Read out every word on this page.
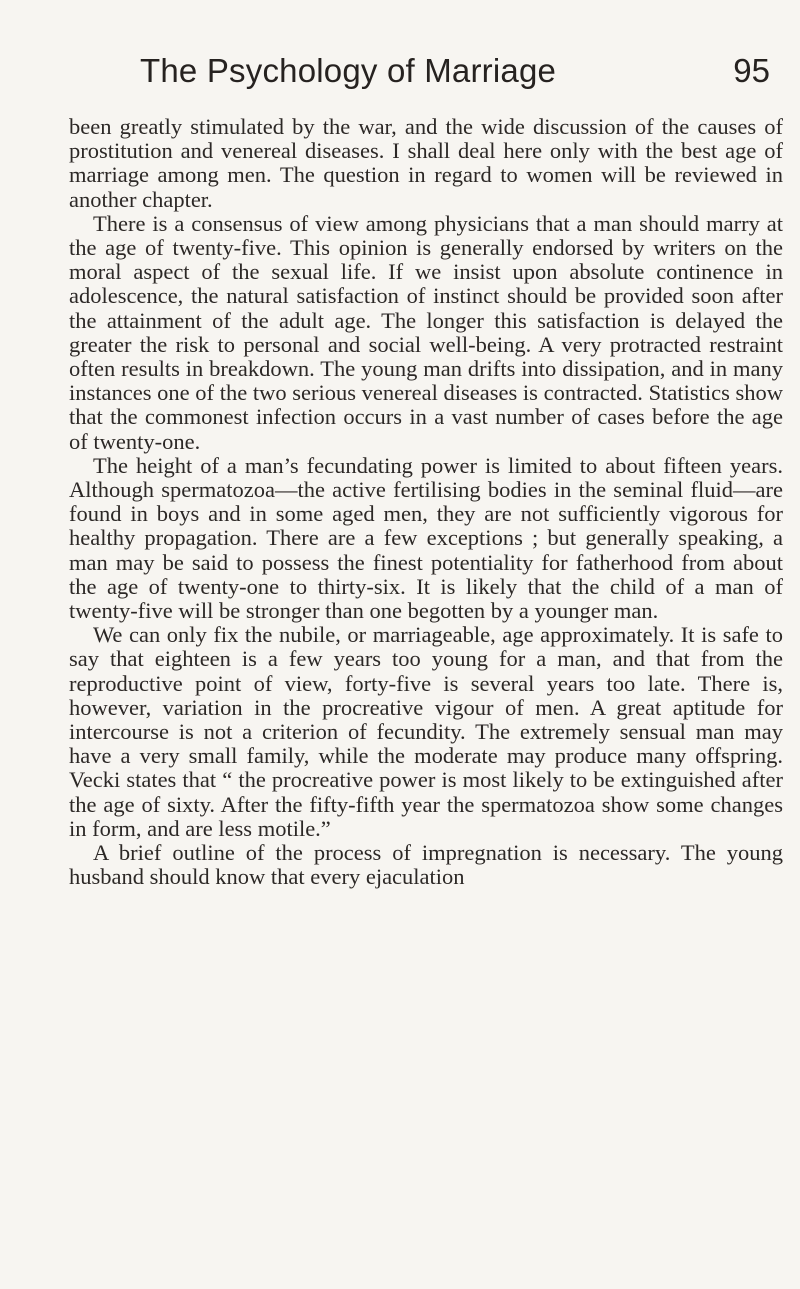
The Psychology of Marriage	95

been greatly stimulated by the war, and the wide discussion of the causes of prostitution and venereal diseases. I shall deal here only with the best age of marriage among men. The question in regard to women will be reviewed in another chapter.

There is a consensus of view among physicians that a man should marry at the age of twenty-five. This opinion is generally endorsed by writers on the moral aspect of the sexual life. If we insist upon absolute continence in adolescence, the natural satisfaction of instinct should be provided soon after the attainment of the adult age. The longer this satisfaction is delayed the greater the risk to personal and social well-being. A very protracted restraint often results in breakdown. The young man drifts into dissipation, and in many instances one of the two serious venereal diseases is contracted. Statistics show that the commonest infection occurs in a vast number of cases before the age of twenty-one.

The height of a man’s fecundating power is limited to about fifteen years. Although spermatozoa—the active fertilising bodies in the seminal fluid—are found in boys and in some aged men, they are not sufficiently vigorous for healthy propagation. There are a few exceptions ; but generally speaking, a man may be said to possess the finest potentiality for fatherhood from about the age of twenty-one to thirty-six. It is likely that the child of a man of twenty-five will be stronger than one begotten by a younger man.

We can only fix the nubile, or marriageable, age approximately. It is safe to say that eighteen is a few years too young for a man, and that from the reproductive point of view, forty-five is several years too late. There is, however, variation in the procreative vigour of men. A great aptitude for intercourse is not a criterion of fecundity. The extremely sensual man may have a very small family, while the moderate may produce many offspring. Vecki states that “ the procreative power is most likely to be extinguished after the age of sixty. After the fifty-fifth year the spermatozoa show some changes in form, and are less motile.”

A brief outline of the process of impregnation is necessary. The young husband should know that every ejaculation
